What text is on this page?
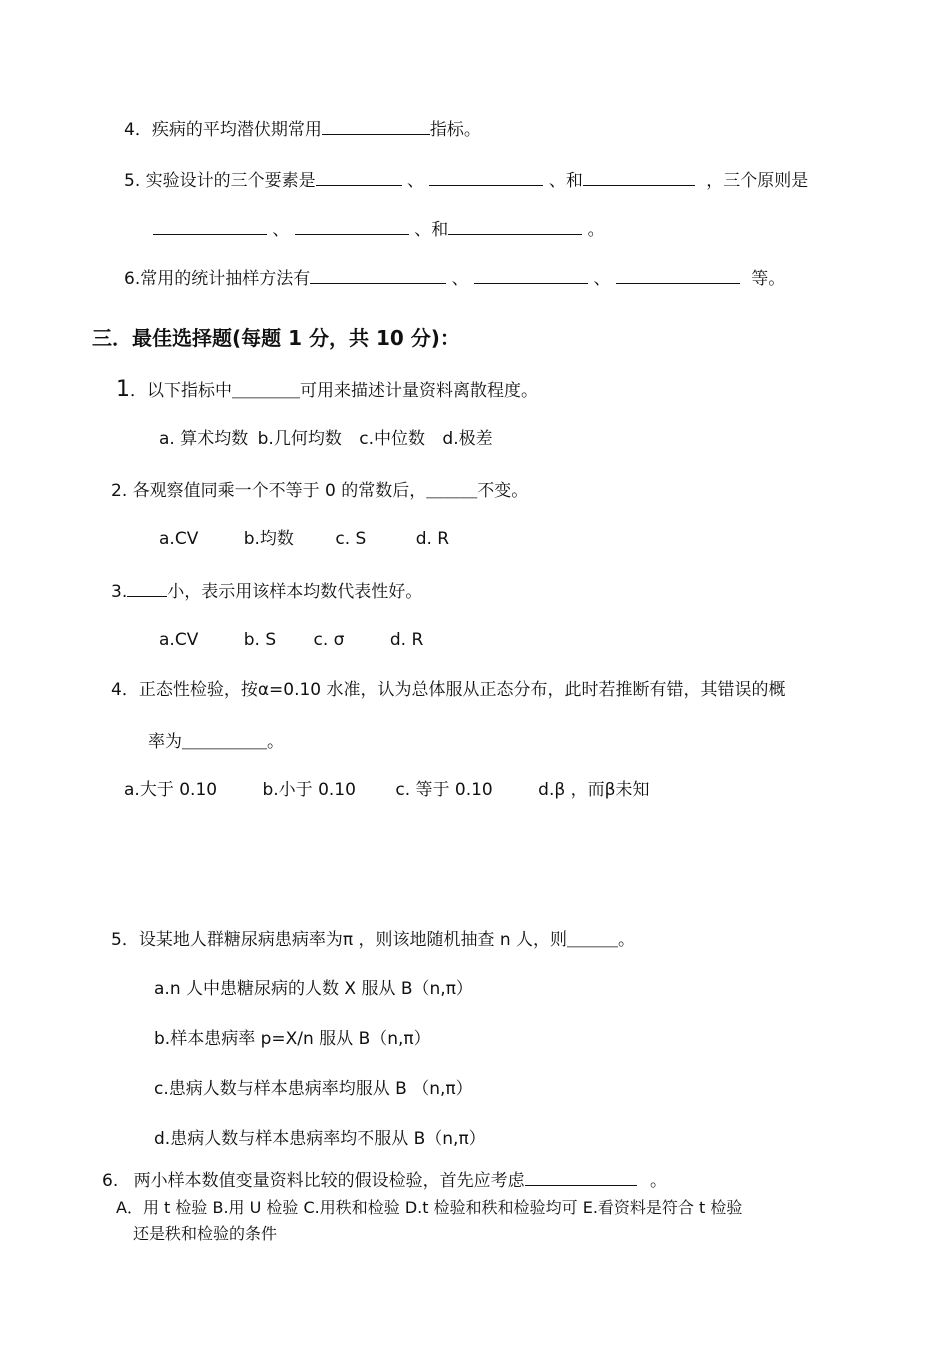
4．疾病的平均潜伏期常用	指标。
5. 实验设计的三个要素是	、	、和	，三个原则是
、	、和	。
6.常用的统计抽样方法有	、	、	等。
三．最佳选择题(每题 1 分，共 10 分)：
1．以下指标中＿＿＿＿可用来描述计量资料离散程度。
a. 算术均数 b.几何均数 c.中位数 d.极差
2. 各观察值同乘一个不等于 0 的常数后，＿＿＿不变。
a.CV	b.均数 c. S	d. R
3. 小，表示用该样本均数代表性好。
a.CV	b. S c. σ	d. R
4．正态性检验，按α=0.10 水准，认为总体服从正态分布，此时若推断有错，其错误的概
率为＿＿＿＿＿。
a.大于 0.10	b.小于 0.10 c. 等于 0.10	d.β ，而β未知
5．设某地人群糖尿病患病率为π ，则该地随机抽查 n 人，则＿＿＿。
a.n 人中患糖尿病的人数 X 服从 B（n,π）
b.样本患病率 p=X/n 服从 B（n,π）
c.患病人数与样本患病率均服从 B （n,π）
d.患病人数与样本患病率均不服从 B（n,π）
6. 两小样本数值变量资料比较的假设检验，首先应考虑	。
A．用 t 检验 B.用 U 检验 C.用秩和检验 D.t 检验和秩和检验均可 E.看资料是符合 t 检验
还是秩和检验的条件
